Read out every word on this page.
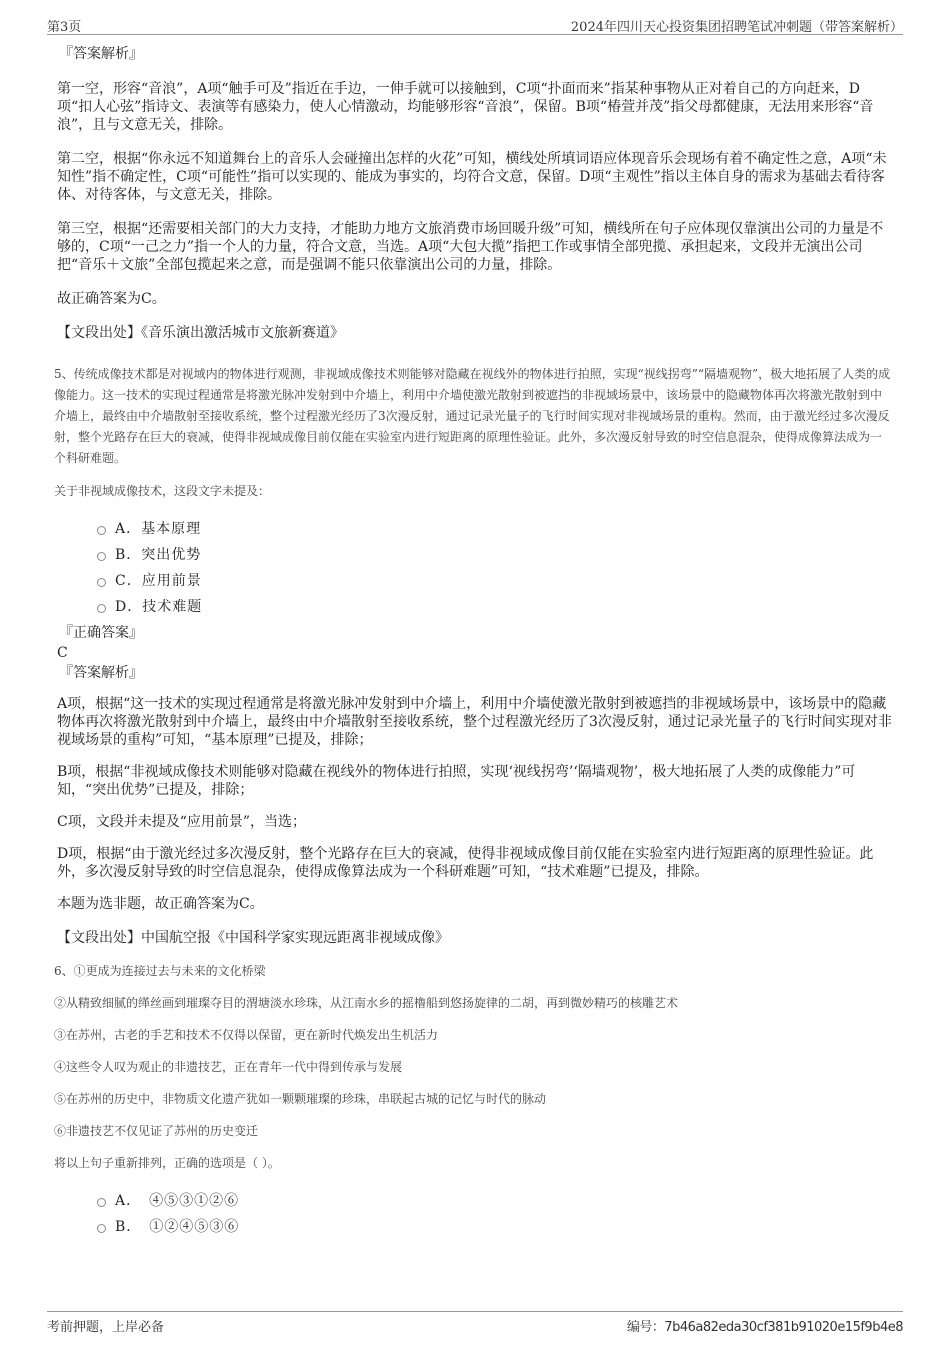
第3页	2024年四川天心投资集团招聘笔试冲刺题（带答案解析）
『答案解析』

第一空，形容“音浪”，A项“触手可及”指近在手边，一伸手就可以接触到，C项“扑面而来”指某种事物从正对着自己的方向赶来，D项“扣人心弦”指诗文、表演等有感染力，使人心情激动，均能够形容“音浪”，保留。B项“椿萱并茂”指父母都健康，无法用来形容“音浪”，且与文意无关，排除。

第二空，根据“你永远不知道舞台上的音乐人会碰撞出怎样的火花”可知，横线处所填词语应体现音乐会现场有着不确定性之意，A项“未知性”指不确定性，C项“可能性”指可以实现的、能成为事实的，均符合文意，保留。D项“主观性”指以主体自身的需求为基础去看待客体、对待客体，与文意无关，排除。

第三空，根据“还需要相关部门的大力支持，才能助力地方文旅消费市场回暖升级”可知，横线所在句子应体现仅靠演出公司的力量是不够的，C项“一己之力”指一个人的力量，符合文意，当选。A项“大包大揽”指把工作或事情全部兜揽、承担起来，文段并无演出公司把“音乐＋文旅”全部包揽起来之意，而是强调不能只依靠演出公司的力量，排除。

故正确答案为C。

【文段出处】《音乐演出激活城市文旅新赛道》

5、传统成像技术都是对视域内的物体进行观测，非视域成像技术则能够对隐藏在视线外的物体进行拍照，实现“视线拐弯”“隔墙观物”，极大地拓展了人类的成像能力。这一技术的实现过程通常是将激光脉冲发射到中介墙上，利用中介墙使激光散射到被遮挡的非视域场景中，该场景中的隐藏物体再次将激光散射到中介墙上，最终由中介墙散射至接收系统，整个过程激光经历了3次漫反射，通过记录光量子的飞行时间实现对非视域场景的重构。然而，由于激光经过多次漫反射，整个光路存在巨大的衰减，使得非视域成像目前仅能在实验室内进行短距离的原理性验证。此外，多次漫反射导致的时空信息混杂，使得成像算法成为一个科研难题。

关于非视域成像技术，这段文字未提及：
A．基本原理
B．突出优势
C．应用前景
D．技术难题
『正确答案』
C
『答案解析』

A项，根据“这一技术的实现过程通常是将激光脉冲发射到中介墙上，利用中介墙使激光散射到被遮挡的非视域场景中，该场景中的隐藏物体再次将激光散射到中介墙上，最终由中介墙散射至接收系统，整个过程激光经历了3次漫反射，通过记录光量子的飞行时间实现对非视域场景的重构”可知，“基本原理”已提及，排除；

B项，根据“非视域成像技术则能够对隐藏在视线外的物体进行拍照，实现‘视线拐弯’‘隔墙观物’，极大地拓展了人类的成像能力”可知，“突出优势”已提及，排除；

C项，文段并未提及“应用前景”，当选；

D项，根据“由于激光经过多次漫反射，整个光路存在巨大的衰减，使得非视域成像目前仅能在实验室内进行短距离的原理性验证。此外，多次漫反射导致的时空信息混杂，使得成像算法成为一个科研难题”可知，“技术难题”已提及，排除。

本题为选非题，故正确答案为C。

【文段出处】中国航空报《中国科学家实现远距离非视域成像》

6、①更成为连接过去与未来的文化桥梁
②从精致细腻的缂丝画到璀璨夺目的渭塘淡水珍珠，从江南水乡的摇橹船到悠扬旋律的二胡，再到微妙精巧的核雕艺术
③在苏州，古老的手艺和技术不仅得以保留，更在新时代焕发出生机活力
④这些令人叹为观止的非遗技艺，正在青年一代中得到传承与发展
⑤在苏州的历史中，非物质文化遗产犹如一颗颗璀璨的珍珠，串联起古城的记忆与时代的脉动
⑥非遗技艺不仅见证了苏州的历史变迁
将以上句子重新排列，正确的选项是（ ）。
A．　④⑤③①②⑥
B．　①②④⑤③⑥
考前押题，上岸必备	编号：7b46a82eda30cf381b91020e15f9b4e8
